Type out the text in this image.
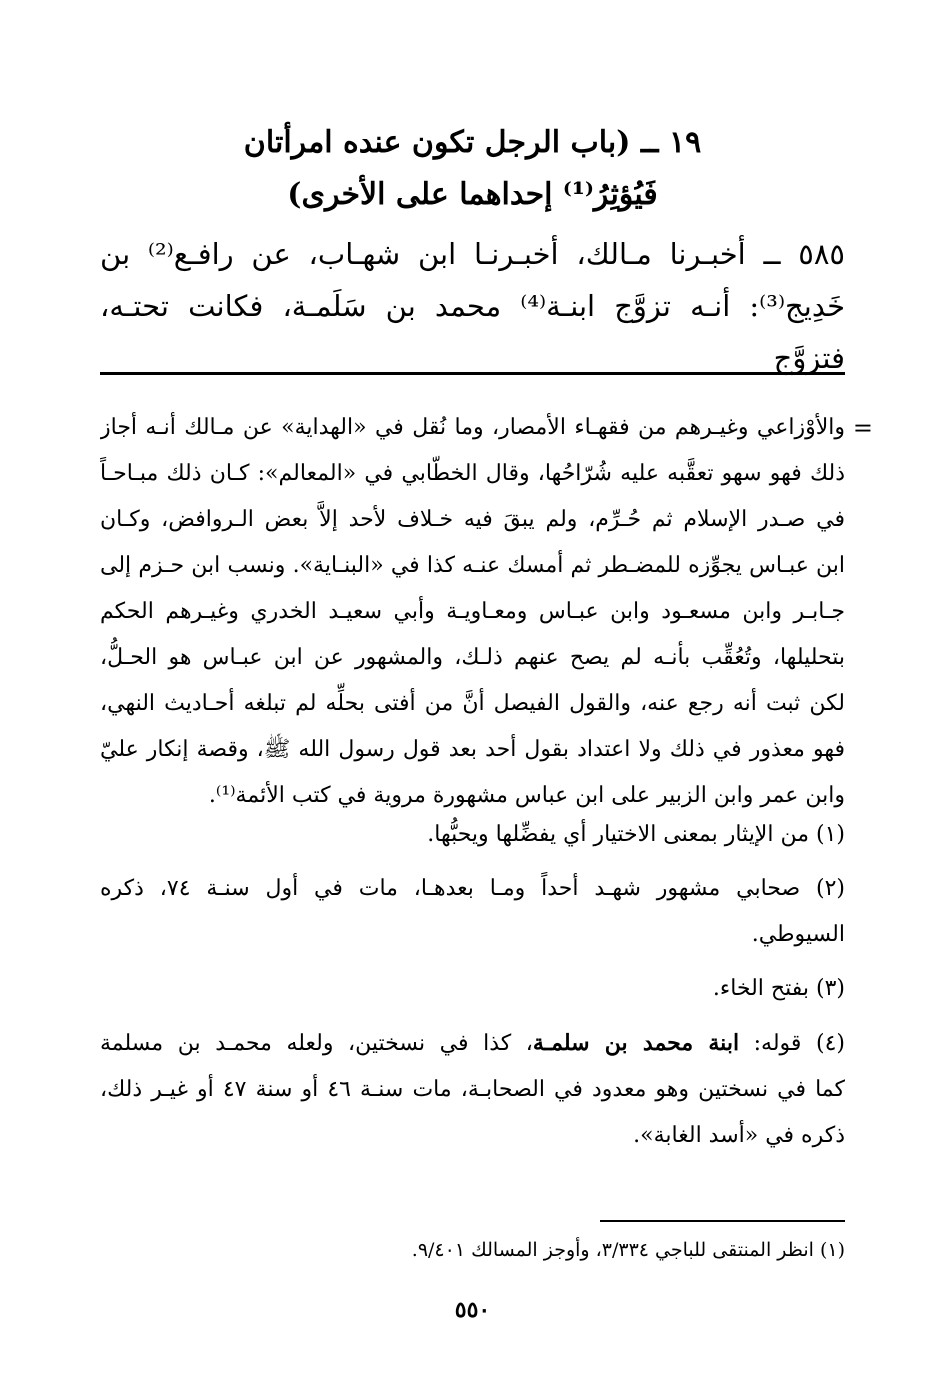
١٩ ــ (باب الرجل تكون عنده امرأتان
فَيُؤثِرُ⁽¹⁾ إحداهما على الأخرى)
٥٨٥ ــ أخبـرنا مـالك، أخبـرنـا ابن شهـاب، عن رافـع⁽²⁾ بن
خَدِيج⁽³⁾: أنـه تزوَّج ابنـة⁽⁴⁾ محمد بن سَلَمـة، فكانت تحتـه، فتزوَّج
=
والأوْزاعي وغيـرهم من فقهـاء الأمصار، وما نُقل في «الهداية» عن مـالك أنـه أجاز
ذلك فهو سهو تعقَّبه عليه شُرّاحُها، وقال الخطّابي في «المعالم»: كـان ذلك مبـاحـاً
في صـدر الإسلام ثم حُـرِّم، ولم يبقَ فيه خـلاف لأحد إلاَّ بعض الـروافض، وكـان
ابن عبـاس يجوِّزه للمضـطر ثم أمسك عنـه كذا في «البنـاية». ونسب ابن حـزم إلى
جـابـر وابن مسعـود وابن عبـاس ومعـاويـة وأبي سعيـد الخدري وغيـرهم الحكم
بتحليلها، وتُعُقِّب بأنـه لم يصح عنهم ذلـك، والمشهور عن ابن عبـاس هو الحـلُّ،
لكن ثبت أنه رجع عنه، والقول الفيصل أنَّ من أفتى بحلِّه لم تبلغه أحـاديث النهي،
فهو معذور في ذلك ولا اعتداد بقول أحد بعد قول رسول الله ﷺ، وقصة إنكار عليّ
وابن عمر وابن الزبير على ابن عباس مشهورة مروية في كتب الأئمة⁽¹⁾.
(١) من الإيثار بمعنى الاختيار أي يفضِّلها ويحبُّها.
(٢) صحابي مشهور شهـد أحداً ومـا بعدهـا، مات في أول سنـة ٧٤، ذكره
السيوطي.
(٣) بفتح الخاء.
(٤) قوله: ابنة محمد بن سلمـة، كذا في نسختين، ولعله محمـد بن مسلمة
كما في نسختين وهو معدود في الصحابـة، مات سنـة ٤٦ أو سنة ٤٧ أو غيـر ذلك،
ذكره في «أسد الغابة».
(١) انظر المنتقى للباجي ٣/٣٣٤، وأوجز المسالك ٩/٤٠١.
٥٥٠
